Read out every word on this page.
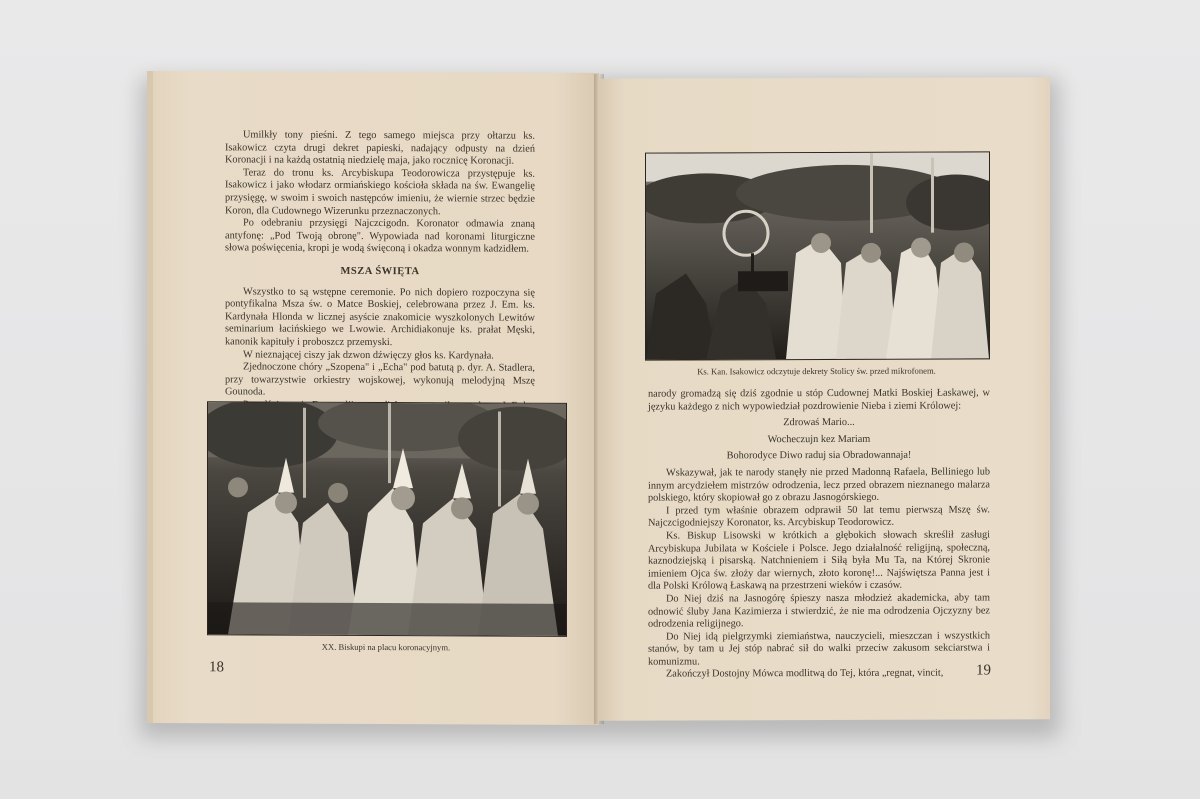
Umilkły tony pieśni. Z tego samego miejsca przy ołtarzu ks. Isakowicz czyta drugi dekret papieski, nadający odpusty na dzień Koronacji i na każdą ostatnią niedzielę maja, jako rocznicę Koronacji.

Teraz do tronu ks. Arcybiskupa Teodorowicza przystępuje ks. Isakowicz i jako włodarz ormiańskiego kościoła składa na św. Ewangelię przysięgę, w swoim i swoich następców imieniu, że wiernie strzec będzie Koron, dla Cudownego Wizerunku przeznaczonych.

Po odebraniu przysięgi Najczcigodn. Koronator odmawia znaną antyfonę: „Pod Twoją obronę". Wypowiada nad koronami liturgiczne słowa poświęcenia, kropi je wodą święconą i okadza wonnym kadzidłem.

MSZA ŚWIĘTA

Wszystko to są wstępne ceremonie. Po nich dopiero rozpoczyna się pontyfikalna Msza św. o Matce Boskiej, celebrowana przez J. Em. ks. Kardynała Hlonda w licznej asyście znakomicie wyszkolonych Lewitów seminarium łacińskiego we Lwowie. Archidiakonuje ks. prałat Męski, kanonik kapituły i proboszcz przemyski.

W nieznającej ciszy jak dzwon dźwięczy głos ks. Kardynała.

Zjednoczone chóry „Szopena" i „Echa" pod batutą p. dyr. A. Stadlera, przy towarzystwie orkiestry wojskowej, wykonują melodyjną Mszę Gounoda.

XX. Biskupi na placu koronacyjnym.
18
Ks. Kan. Isakowicz odczytuje dekrety Stolicy św. przed mikrofonem.

narody gromadzą się dziś zgodnie u stóp Cudownej Matki Boskiej Łaskawej, w języku każdego z nich wypowiedział pozdrowienie Nieba i ziemi Królowej:

Zdrowaś Mario...

Wocheczujn kez Mariam

Bohorodyce Diwo raduj sia Obradowannaja!

Wskazywał, jak te narody stanęły nie przed Madonną Rafaela, Belliniego lub innym arcydziełem mistrzów odrodzenia, lecz przed obrazem nieznanego malarza polskiego, który skopiował go z obrazu Jasnogórskiego.

I przed tym właśnie obrazem odprawił 50 lat temu pierwszą Mszę św. Najczcigodniejszy Koronator, ks. Arcybiskup Teodorowicz.

Ks. Biskup Lisowski w krótkich a głębokich słowach skreślił zasługi Arcybiskupa Jubilata w Kościele i Polsce. Jego działalność religijną, społeczną, kaznodziejską i pisarską. Natchnieniem i Siłą była Mu Ta, na Której Skronie imieniem Ojca św. złoży dar wiernych, złoto koronę!... Najświętsza Panna jest i dla Polski Królową Łaskawą na przestrzeni wieków i czasów.

Do Niej dziś na Jasnogórę śpieszy nasza młodzież akademicka, aby tam odnowić śluby Jana Kazimierza i stwierdzić, że nie ma odrodzenia Ojczyzny bez odrodzenia religijnego.

Do Niej idą pielgrzymki ziemiaństwa, nauczycieli, mieszczan i wszystkich stanów, by tam u Jej stóp nabrać sił do walki przeciw zakusom sekciarstwa i komunizmu.

Zakończył Dostojny Mówca modlitwą do Tej, która „regnat, vincit,	19
